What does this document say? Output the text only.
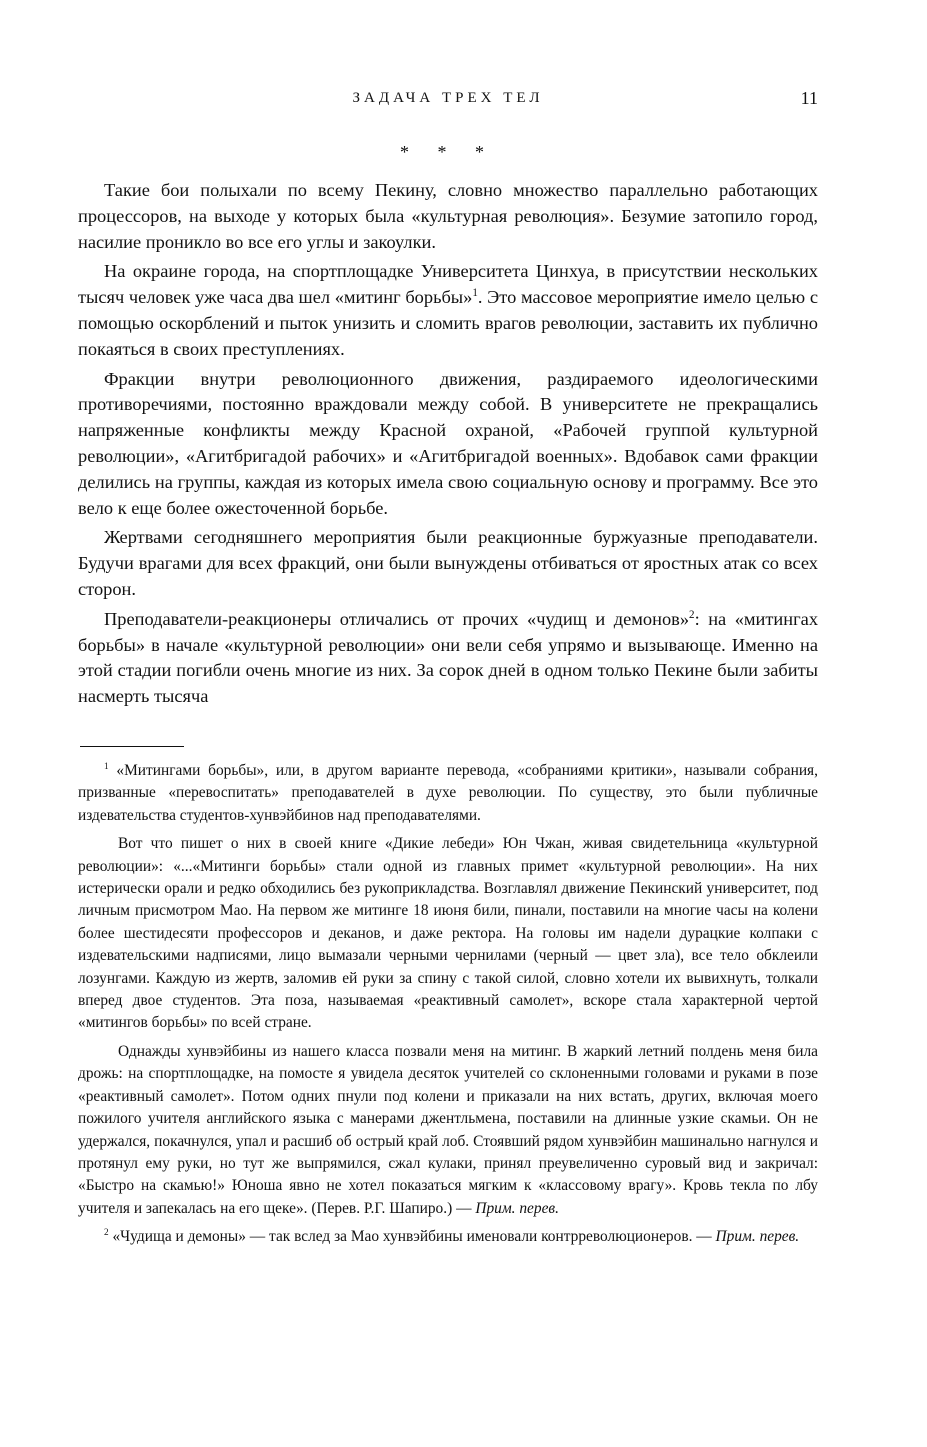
ЗАДАЧА ТРЕХ ТЕЛ	11
* * *

Такие бои полыхали по всему Пекину, словно множество параллельно работающих процессоров, на выходе у которых была «культурная революция». Безумие затопило город, насилие проникло во все его углы и закоулки.

На окраине города, на спортплощадке Университета Цинхуа, в присутствии нескольких тысяч человек уже часа два шел «митинг борьбы»$^1$. Это массовое мероприятие имело целью с помощью оскорблений и пыток унизить и сломить врагов революции, заставить их публично покаяться в своих преступлениях.

Фракции внутри революционного движения, раздираемого идеологическими противоречиями, постоянно враждовали между собой. В университете не прекращались напряженные конфликты между Красной охраной, «Рабочей группой культурной революции», «Агитбригадой рабочих» и «Агитбригадой военных». Вдобавок сами фракции делились на группы, каждая из которых имела свою социальную основу и программу. Все это вело к еще более ожесточенной борьбе.

Жертвами сегодняшнего мероприятия были реакционные буржуазные преподаватели. Будучи врагами для всех фракций, они были вынуждены отбиваться от яростных атак со всех сторон.

Преподаватели-реакционеры отличались от прочих «чудищ и демонов»$^2$: на «митингах борьбы» в начале «культурной революции» они вели себя упрямо и вызывающе. Именно на этой стадии погибли очень многие из них. За сорок дней в одном только Пекине были забиты насмерть тысяча

$^1$ «Митингами борьбы», или, в другом варианте перевода, «собраниями критики», называли собрания, призванные «перевоспитать» преподавателей в духе революции. По существу, это были публичные издевательства студентов-хунвэйбинов над преподавателями.

Вот что пишет о них в своей книге «Дикие лебеди» Юн Чжан, живая свидетельница «культурной революции»: «...«Митинги борьбы» стали одной из главных примет «культурной революции». На них истерически орали и редко обходились без рукоприкладства. Возглавлял движение Пекинский университет, под личным присмотром Мао. На первом же митинге 18 июня били, пинали, поставили на многие часы на колени более шестидесяти профессоров и деканов, и даже ректора. На головы им надели дурацкие колпаки с издевательскими надписями, лицо вымазали черными чернилами (черный — цвет зла), все тело обклеили лозунгами. Каждую из жертв, заломив ей руки за спину с такой силой, словно хотели их вывихнуть, толкали вперед двое студентов. Эта поза, называемая «реактивный самолет», вскоре стала характерной чертой «митингов борьбы» по всей стране.

Однажды хунвэйбины из нашего класса позвали меня на митинг. В жаркий летний полдень меня била дрожь: на спортплощадке, на помосте я увидела десяток учителей со склоненными головами и руками в позе «реактивный самолет». Потом одних пнули под колени и приказали на них встать, других, включая моего пожилого учителя английского языка с манерами джентльмена, поставили на длинные узкие скамьи. Он не удержался, покачнулся, упал и расшиб об острый край лоб. Стоявший рядом хунвэйбин машинально нагнулся и протянул ему руки, но тут же выпрямился, сжал кулаки, принял преувеличенно суровый вид и закричал: «Быстро на скамью!» Юноша явно не хотел показаться мягким к «классовому врагу». Кровь текла по лбу учителя и запекалась на его щеке». (Перев. Р.Г. Шапиро.) — Прим. перев.

$^2$ «Чудища и демоны» — так вслед за Мао хунвэйбины именовали контрреволюционеров. — Прим. перев.
